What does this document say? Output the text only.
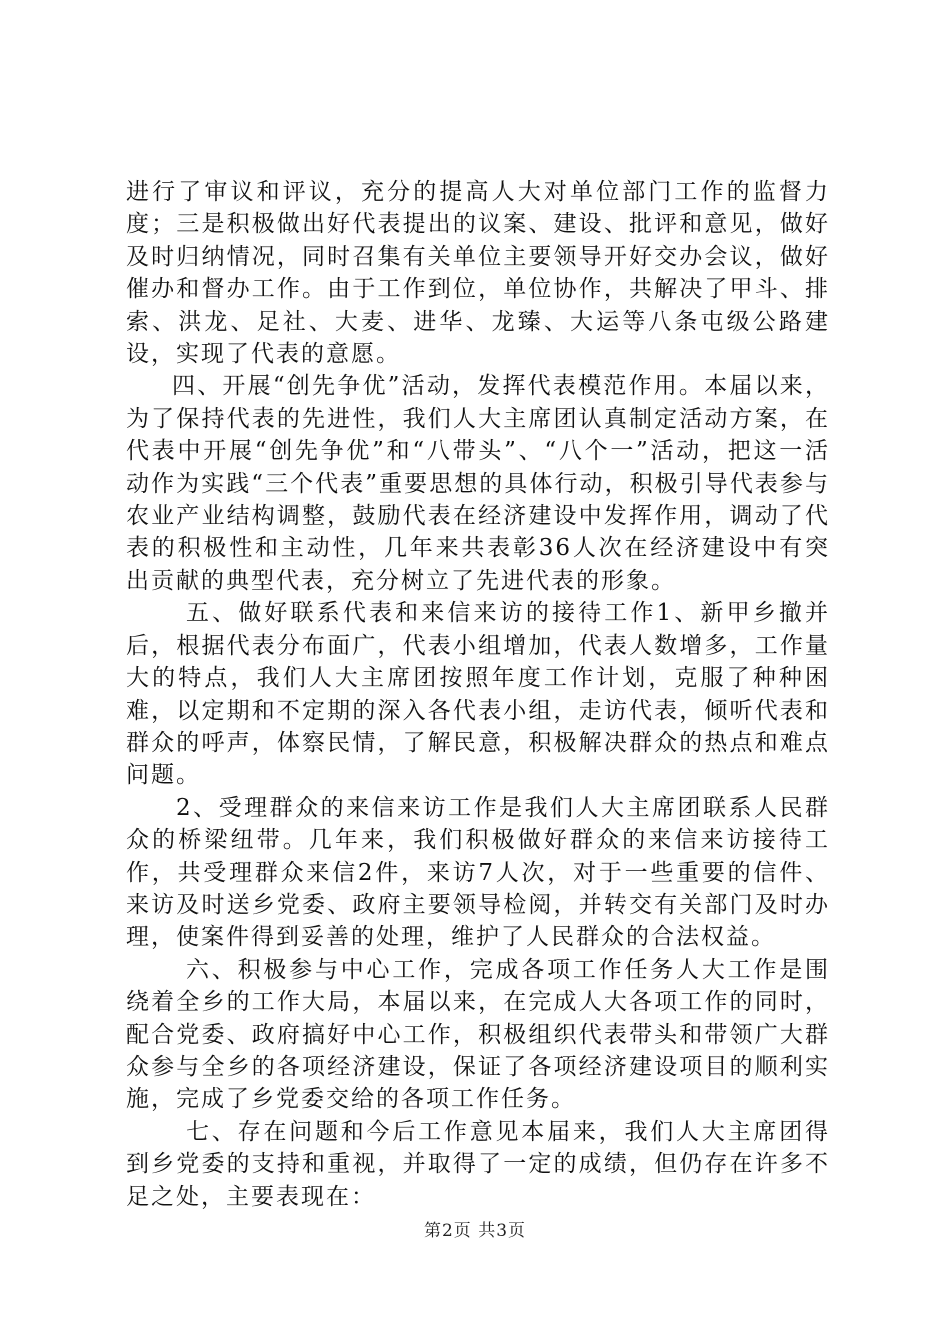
进行了审议和评议，充分的提高人大对单位部门工作的监督力度；三是积极做出好代表提出的议案、建设、批评和意见，做好及时归纳情况，同时召集有关单位主要领导开好交办会议，做好催办和督办工作。由于工作到位，单位协作，共解决了甲斗、排索、洪龙、足社、大麦、进华、龙臻、大运等八条屯级公路建设，实现了代表的意愿。

四、开展“创先争优”活动，发挥代表模范作用。本届以来，为了保持代表的先进性，我们人大主席团认真制定活动方案，在代表中开展“创先争优”和“八带头”、“八个一”活动，把这一活动作为实践“三个代表”重要思想的具体行动，积极引导代表参与农业产业结构调整，鼓励代表在经济建设中发挥作用，调动了代表的积极性和主动性，几年来共表彰36人次在经济建设中有突出贡献的典型代表，充分树立了先进代表的形象。

五、做好联系代表和来信来访的接待工作1、新甲乡撤并后，根据代表分布面广，代表小组增加，代表人数增多，工作量大的特点，我们人大主席团按照年度工作计划，克服了种种困难，以定期和不定期的深入各代表小组，走访代表，倾听代表和群众的呼声，体察民情，了解民意，积极解决群众的热点和难点问题。

2、受理群众的来信来访工作是我们人大主席团联系人民群众的桥梁纽带。几年来，我们积极做好群众的来信来访接待工作，共受理群众来信2件，来访7人次，对于一些重要的信件、来访及时送乡党委、政府主要领导检阅，并转交有关部门及时办理，使案件得到妥善的处理，维护了人民群众的合法权益。

六、积极参与中心工作，完成各项工作任务人大工作是围绕着全乡的工作大局，本届以来，在完成人大各项工作的同时，配合党委、政府搞好中心工作，积极组织代表带头和带领广大群众参与全乡的各项经济建设，保证了各项经济建设项目的顺利实施，完成了乡党委交给的各项工作任务。

七、存在问题和今后工作意见本届来，我们人大主席团得到乡党委的支持和重视，并取得了一定的成绩，但仍存在许多不足之处，主要表现在：

第2页 共3页
